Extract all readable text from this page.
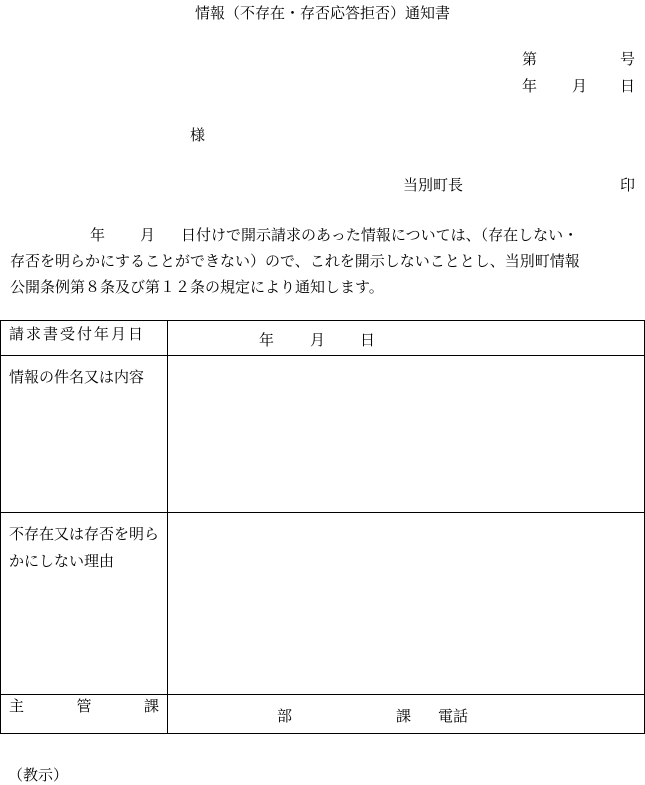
情報（不存在・存否応答拒否）通知書
第	号
年 月 日
様
当別町長	印

年 月 日付けで開示請求のあった情報については、（存在しない・

存否を明らかにすることができない）ので、これを開示しないこととし、当別町情報

公開条例第８条及び第１２条の規定により通知します。

請求書受付年月日	年 月 日

情報の件名又は内容	

不存在又は存否を明らかにしない理由	

主 管 課	部 課 電話
（教示）
